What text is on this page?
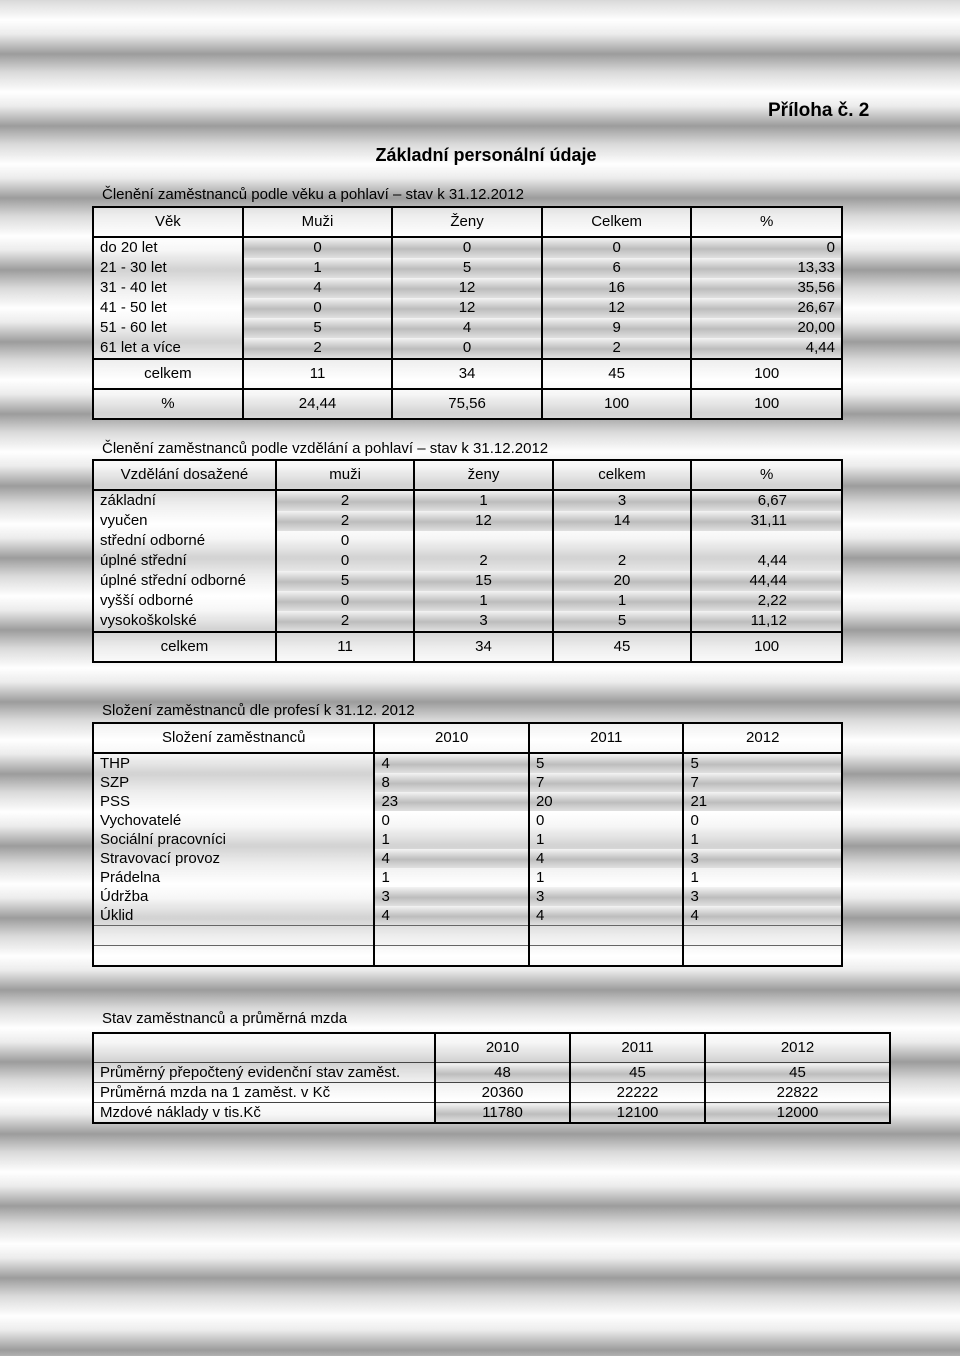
Příloha č. 2
Základní personální údaje
Členění zaměstnanců podle věku a pohlaví – stav k 31.12.2012
Věk	Muži	Ženy	Celkem	%
do 20 let	0	0	0	0
21 - 30 let	1	5	6	13,33
31 - 40 let	4	12	16	35,56
41 - 50 let	0	12	12	26,67
51 - 60 let	5	4	9	20,00
61 let a více	2	0	2	4,44
celkem	11	34	45	100
%	24,44	75,56	100	100
Členění zaměstnanců podle vzdělání a pohlaví – stav k 31.12.2012
Vzdělání dosažené	muži	ženy	celkem	%
základní	2	1	3	6,67
vyučen	2	12	14	31,11
střední odborné	0			
úplné střední	0	2	2	4,44
úplné střední odborné	5	15	20	44,44
vyšší odborné	0	1	1	2,22
vysokoškolské	2	3	5	11,12
celkem	11	34	45	100
Složení zaměstnanců dle profesí k 31.12. 2012
Složení zaměstnanců	2010	2011	2012
THP	4	5	5
SZP	8	7	7
PSS	23	20	21
Vychovatelé	0	0	0
Sociální pracovníci	1	1	1
Stravovací provoz	4	4	3
Prádelna	1	1	1
Údržba	3	3	3
Úklid	4	4	4

Stav zaměstnanců a průměrná mzda
	2010	2011	2012
Průměrný přepočtený evidenční stav zaměst.	48	45	45
Průměrná mzda na 1 zaměst. v Kč	20360	22222	22822
Mzdové náklady v tis.Kč	11780	12100	12000
